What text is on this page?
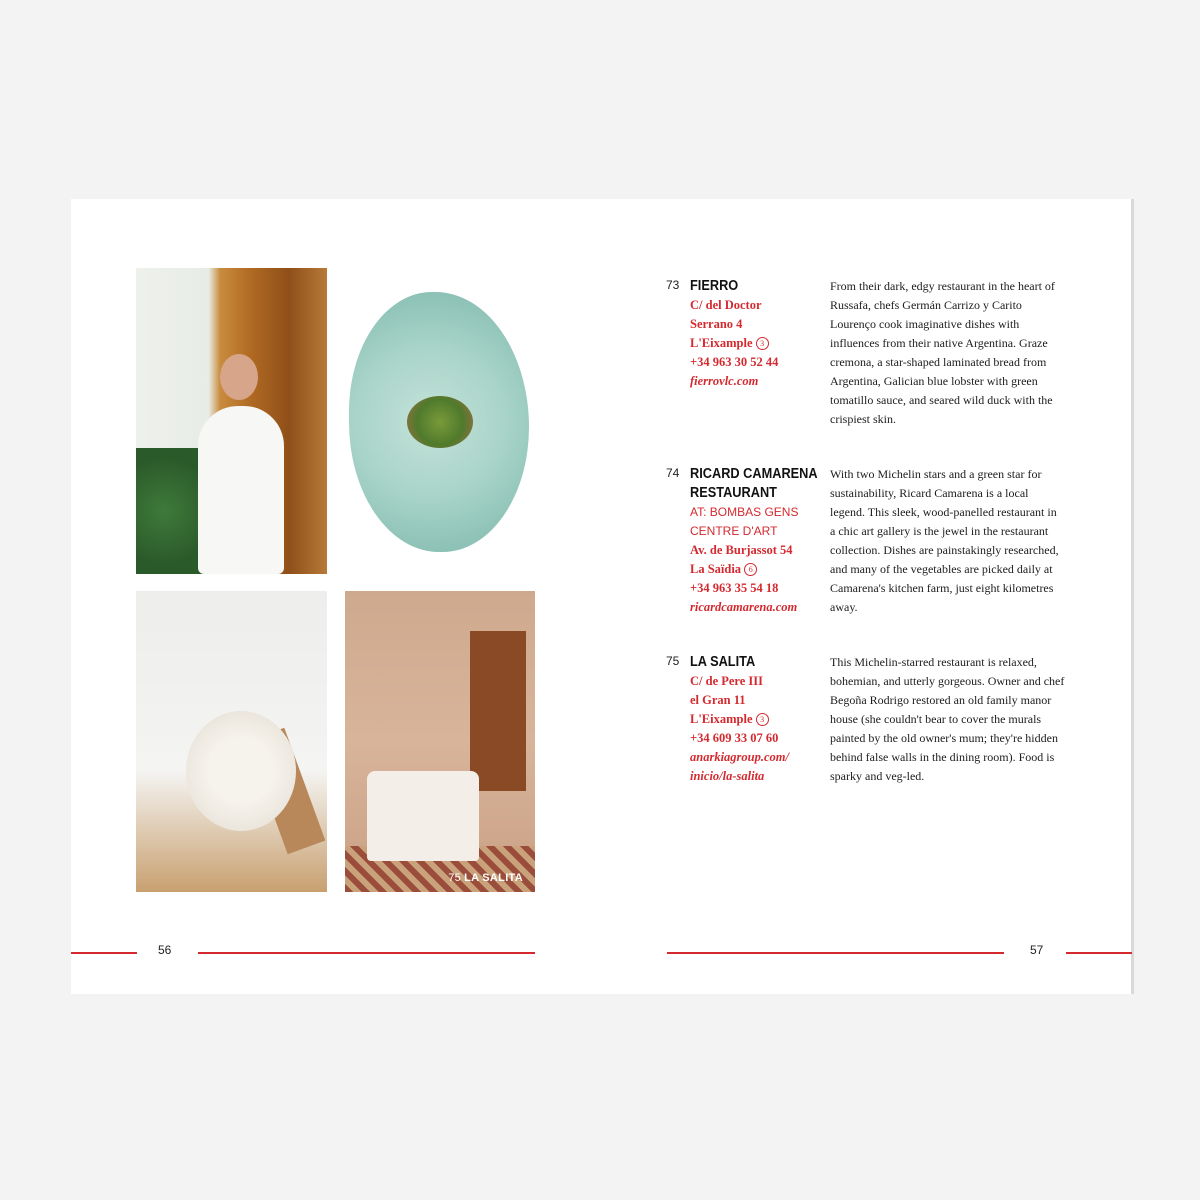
75 LA SALITA
73 FIERRO
C/ del Doctor
Serrano 4
L'Eixample 3
+34 963 30 52 44
fierrovlc.com
From their dark, edgy restaurant in the heart of Russafa, chefs Germán Carrizo y Carito Lourenço cook imaginative dishes with influences from their native Argentina. Graze cremona, a star-shaped laminated bread from Argentina, Galician blue lobster with green tomatillo sauce, and seared wild duck with the crispiest skin.
74 RICARD CAMARENA
RESTAURANT
AT: BOMBAS GENS
CENTRE D'ART
Av. de Burjassot 54
La Saïdia 6
+34 963 35 54 18
ricardcamarena.com
With two Michelin stars and a green star for sustainability, Ricard Camarena is a local legend. This sleek, wood-panelled restaurant in a chic art gallery is the jewel in the restaurant collection. Dishes are painstakingly researched, and many of the vegetables are picked daily at Camarena's kitchen farm, just eight kilometres away.
75 LA SALITA
C/ de Pere III
el Gran 11
L'Eixample 3
+34 609 33 07 60
anarkiagroup.com/
inicio/la-salita
This Michelin-starred restaurant is relaxed, bohemian, and utterly gorgeous. Owner and chef Begoña Rodrigo restored an old family manor house (she couldn't bear to cover the murals painted by the old owner's mum; they're hidden behind false walls in the dining room). Food is sparky and veg-led.
56	57
